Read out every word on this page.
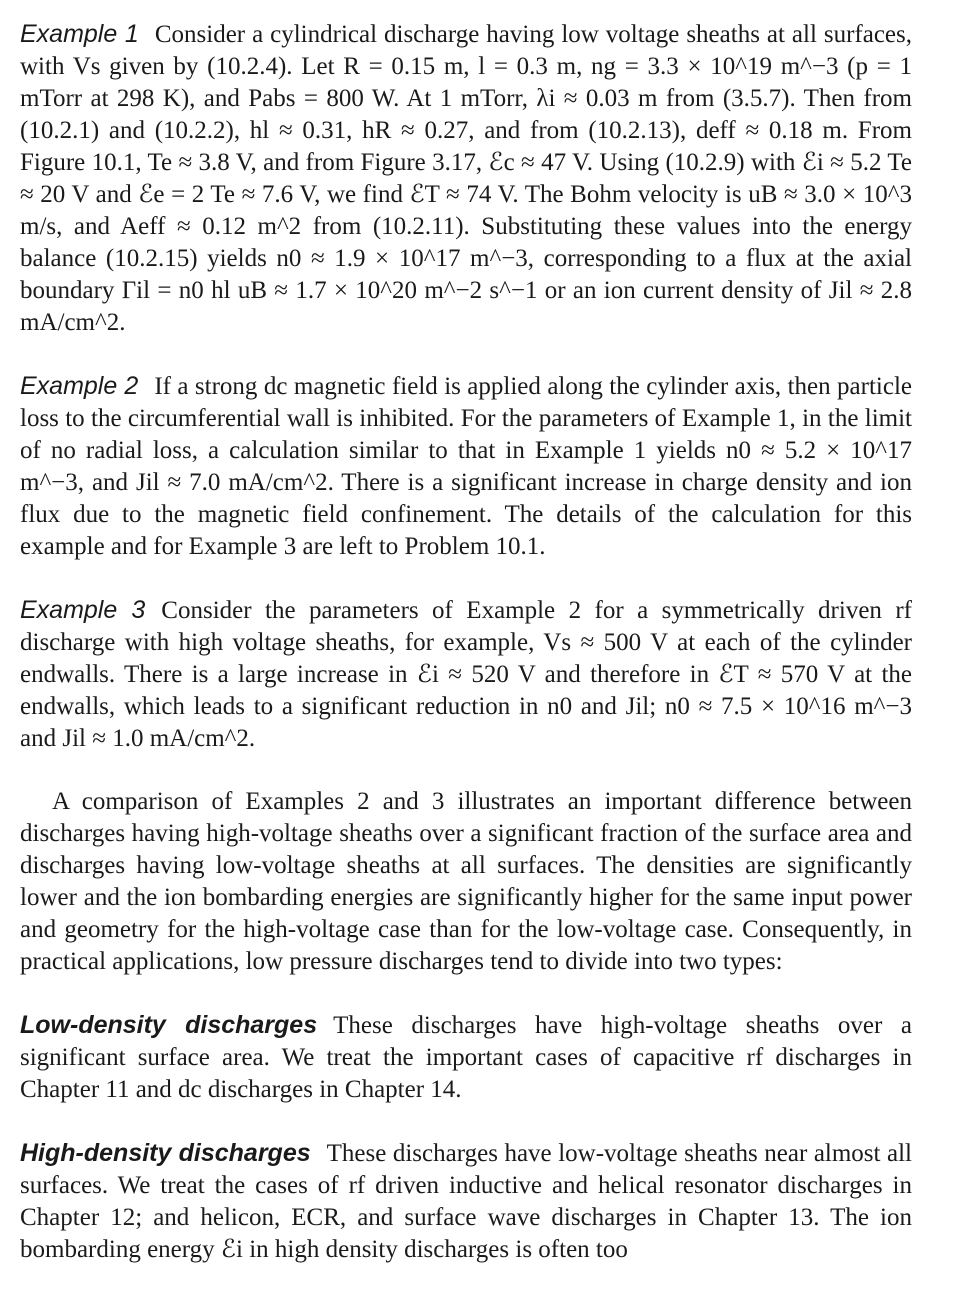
Example 1 Consider a cylindrical discharge having low voltage sheaths at all surfaces, with Vs given by (10.2.4). Let R = 0.15 m, l = 0.3 m, ng = 3.3 × 10^19 m^−3 (p = 1 mTorr at 298 K), and Pabs = 800 W. At 1 mTorr, λi ≈ 0.03 m from (3.5.7). Then from (10.2.1) and (10.2.2), hl ≈ 0.31, hR ≈ 0.27, and from (10.2.13), deff ≈ 0.18 m. From Figure 10.1, Te ≈ 3.8 V, and from Figure 3.17, ℰc ≈ 47 V. Using (10.2.9) with ℰi ≈ 5.2 Te ≈ 20 V and ℰe = 2 Te ≈ 7.6 V, we find ℰT ≈ 74 V. The Bohm velocity is uB ≈ 3.0 × 10^3 m/s, and Aeff ≈ 0.12 m^2 from (10.2.11). Substituting these values into the energy balance (10.2.15) yields n0 ≈ 1.9 × 10^17 m^−3, corresponding to a flux at the axial boundary Γil = n0 hl uB ≈ 1.7 × 10^20 m^−2 s^−1 or an ion current density of Jil ≈ 2.8 mA/cm^2.

Example 2 If a strong dc magnetic field is applied along the cylinder axis, then particle loss to the circumferential wall is inhibited. For the parameters of Example 1, in the limit of no radial loss, a calculation similar to that in Example 1 yields n0 ≈ 5.2 × 10^17 m^−3, and Jil ≈ 7.0 mA/cm^2. There is a significant increase in charge density and ion flux due to the magnetic field confinement. The details of the calculation for this example and for Example 3 are left to Problem 10.1.

Example 3 Consider the parameters of Example 2 for a symmetrically driven rf discharge with high voltage sheaths, for example, Vs ≈ 500 V at each of the cylinder endwalls. There is a large increase in ℰi ≈ 520 V and therefore in ℰT ≈ 570 V at the endwalls, which leads to a significant reduction in n0 and Jil; n0 ≈ 7.5 × 10^16 m^−3 and Jil ≈ 1.0 mA/cm^2.

A comparison of Examples 2 and 3 illustrates an important difference between discharges having high-voltage sheaths over a significant fraction of the surface area and discharges having low-voltage sheaths at all surfaces. The densities are significantly lower and the ion bombarding energies are significantly higher for the same input power and geometry for the high-voltage case than for the low-voltage case. Consequently, in practical applications, low pressure discharges tend to divide into two types:

Low-density discharges These discharges have high-voltage sheaths over a significant surface area. We treat the important cases of capacitive rf discharges in Chapter 11 and dc discharges in Chapter 14.

High-density discharges These discharges have low-voltage sheaths near almost all surfaces. We treat the cases of rf driven inductive and helical resonator discharges in Chapter 12; and helicon, ECR, and surface wave discharges in Chapter 13. The ion bombarding energy ℰi in high density discharges is often too
